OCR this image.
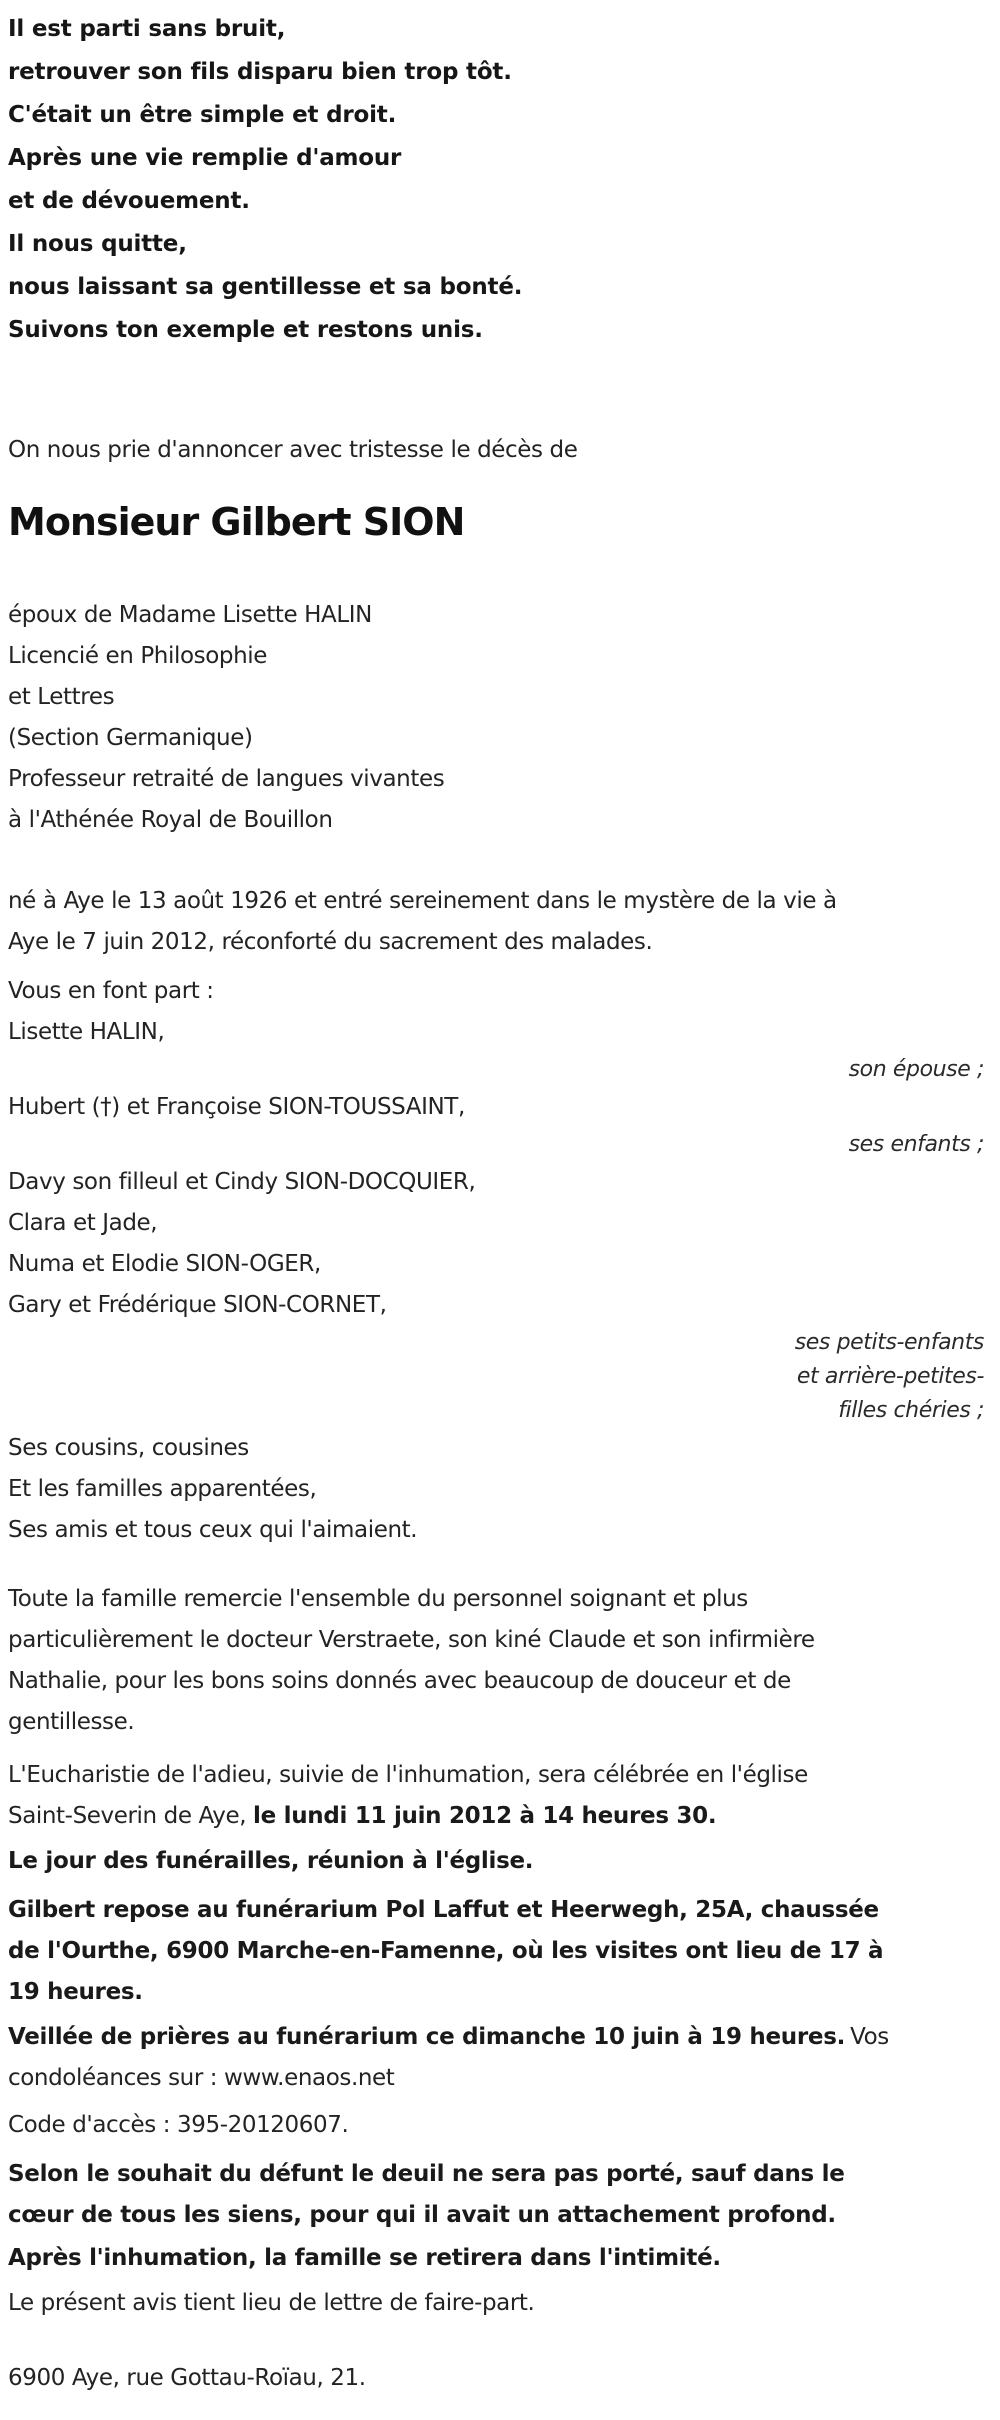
Il est parti sans bruit,
retrouver son fils disparu bien trop tôt.
C'était un être simple et droit.
Après une vie remplie d'amour
et de dévouement.
Il nous quitte,
nous laissant sa gentillesse et sa bonté.
Suivons ton exemple et restons unis.

On nous prie d'annoncer avec tristesse le décès de

Monsieur Gilbert SION
époux de Madame Lisette HALIN
Licencié en Philosophie
et Lettres
(Section Germanique)
Professeur retraité de langues vivantes
à l'Athénée Royal de Bouillon
né à Aye le 13 août 1926 et entré sereinement dans le mystère de la vie à
Aye le 7 juin 2012, réconforté du sacrement des malades.

Vous en font part :

Lisette HALIN,
son épouse ;
Hubert (†) et Françoise SION-TOUSSAINT,
ses enfants ;
Davy son filleul et Cindy SION-DOCQUIER,
Clara et Jade,
Numa et Elodie SION-OGER,
Gary et Frédérique SION-CORNET,
ses petits-enfants
et arrière-petites-
filles chéries ;
Ses cousins, cousines
Et les familles apparentées,
Ses amis et tous ceux qui l'aimaient.
Toute la famille remercie l'ensemble du personnel soignant et plus
particulièrement le docteur Verstraete, son kiné Claude et son infirmière
Nathalie, pour les bons soins donnés avec beaucoup de douceur et de
gentillesse.
L'Eucharistie de l'adieu, suivie de l'inhumation, sera célébrée en l'église
Saint-Severin de Aye, le lundi 11 juin 2012 à 14 heures 30.

Le jour des funérailles, réunion à l'église.

Gilbert repose au funérarium Pol Laffut et Heerwegh, 25A, chaussée
de l'Ourthe, 6900 Marche-en-Famenne, où les visites ont lieu de 17 à
19 heures.
Veillée de prières au funérarium ce dimanche 10 juin à 19 heures. Vos
condoléances sur : www.enaos.net

Code d'accès : 395-20120607.

Selon le souhait du défunt le deuil ne sera pas porté, sauf dans le
cœur de tous les siens, pour qui il avait un attachement profond.

Après l'inhumation, la famille se retirera dans l'intimité.

Le présent avis tient lieu de lettre de faire-part.

6900 Aye, rue Gottau-Roïau, 21.
